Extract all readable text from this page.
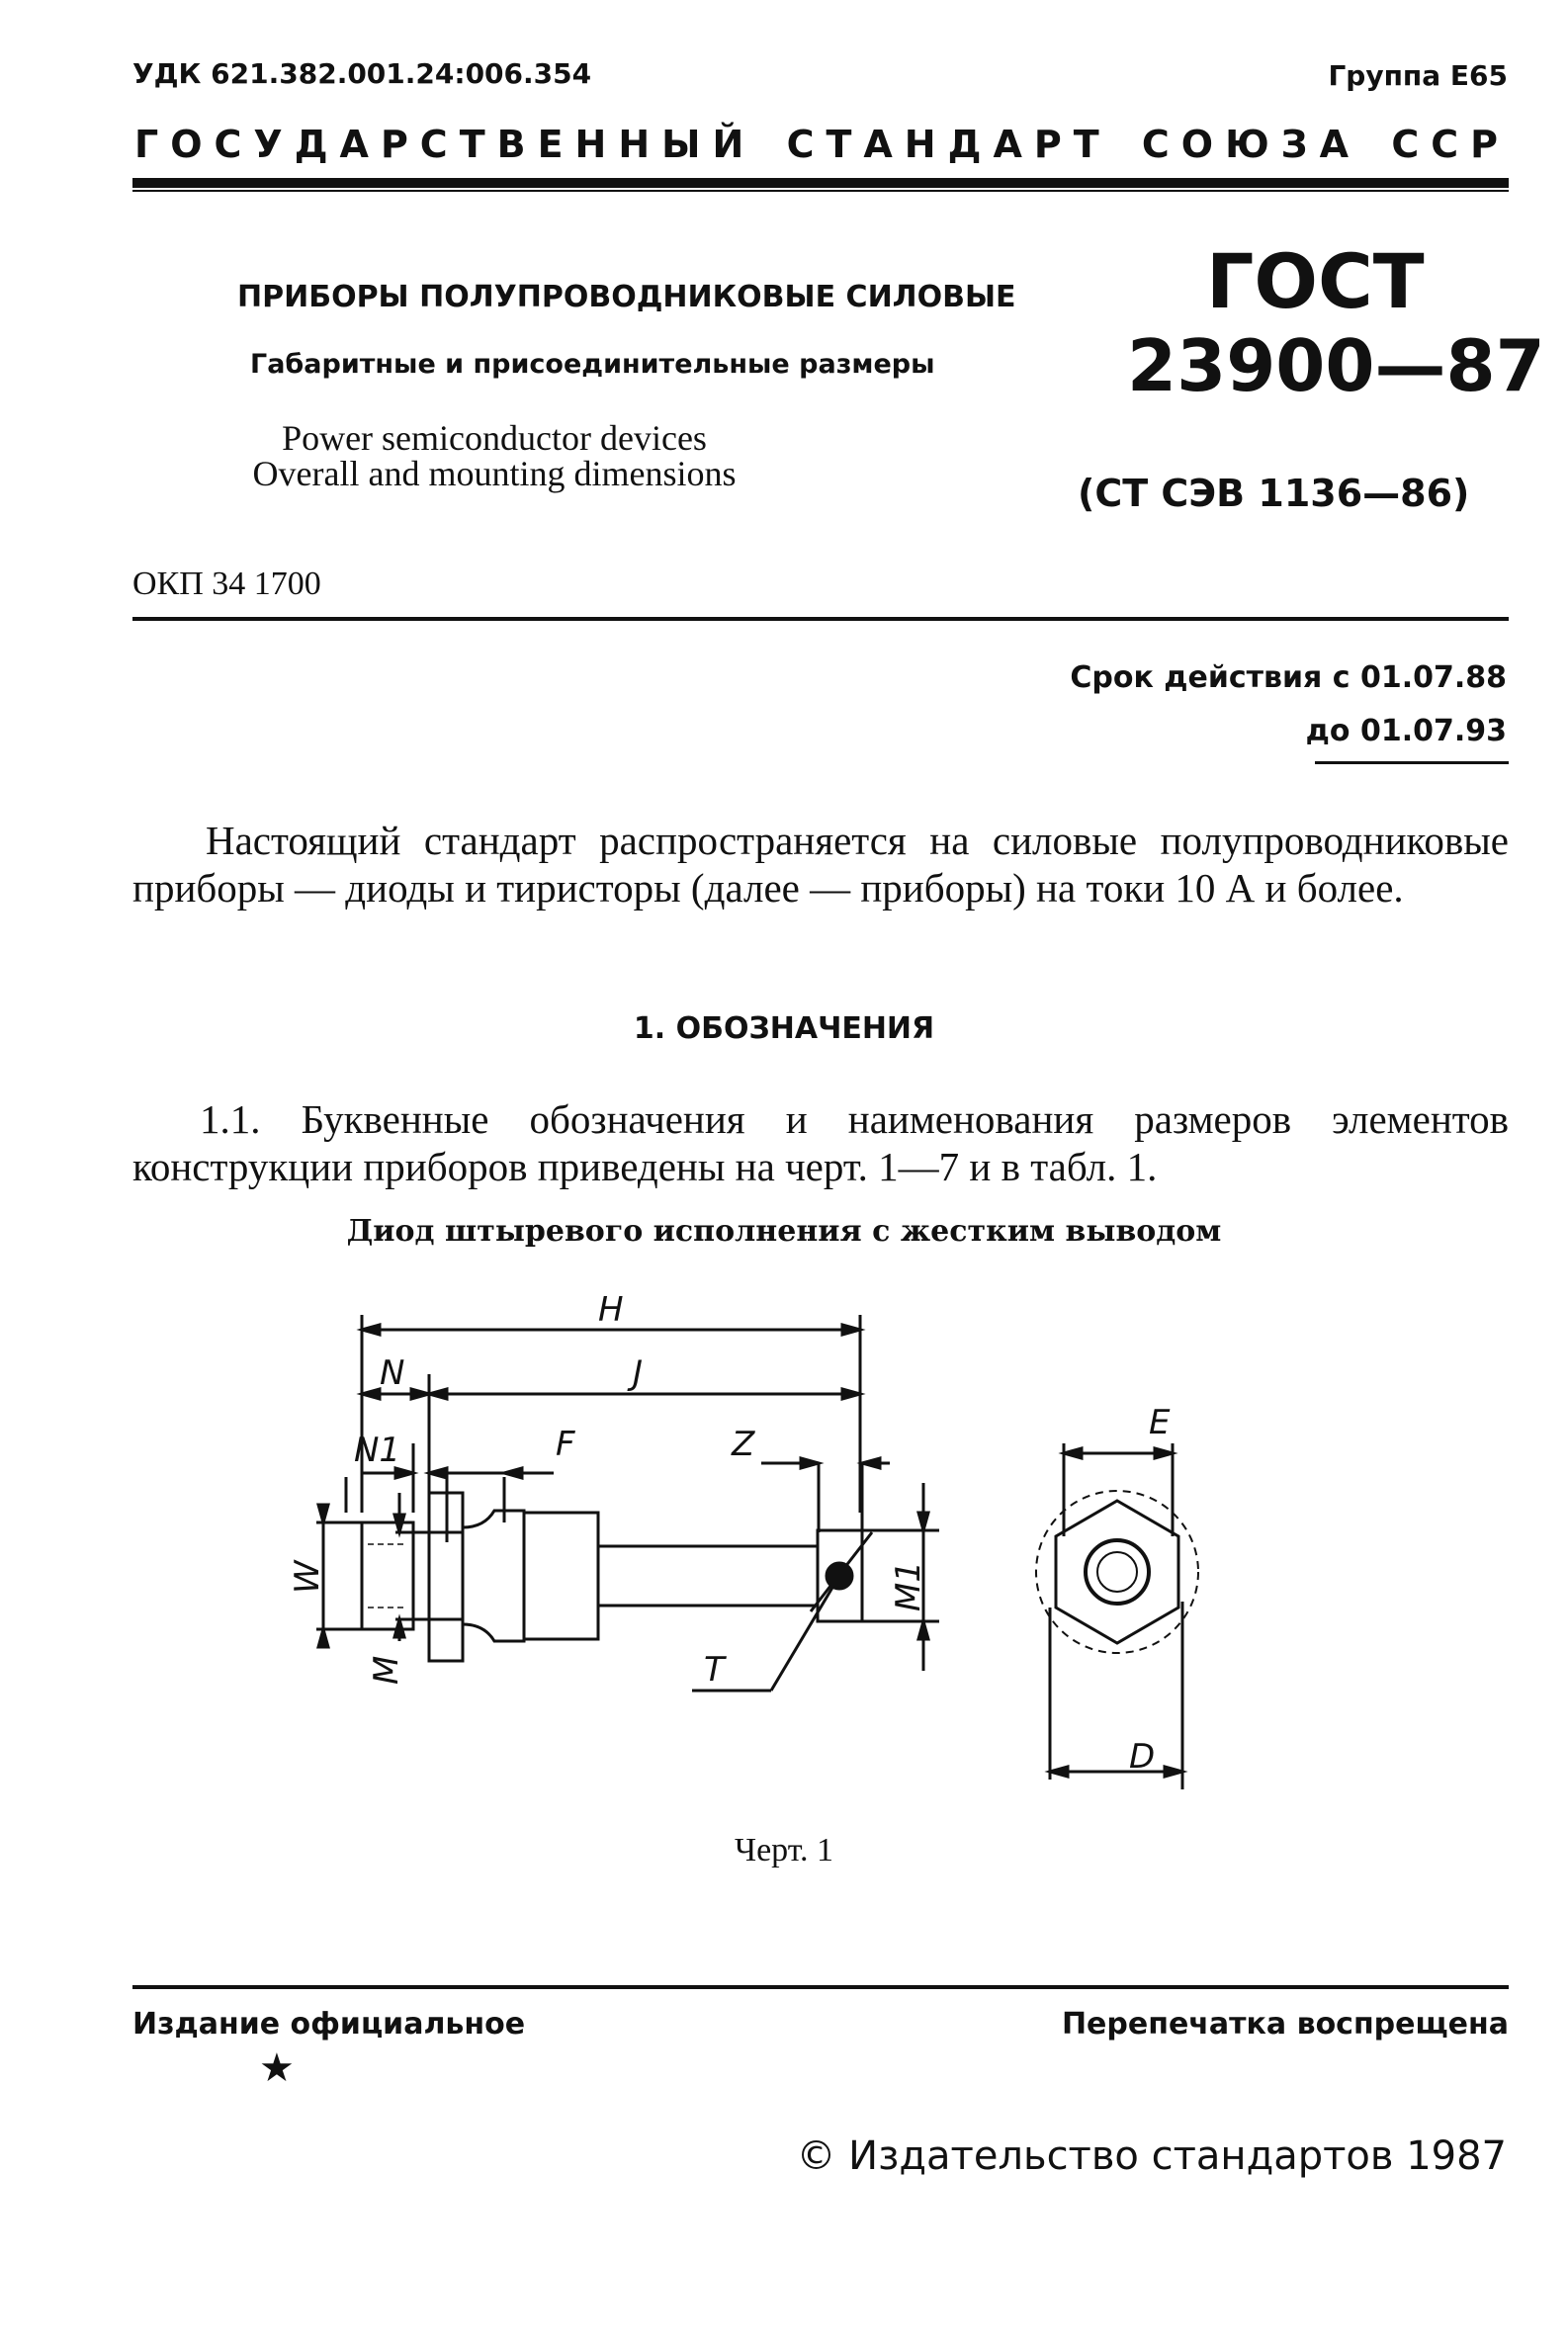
УДК 621.382.001.24:006.354	Группа Е65
ГОСУДАРСТВЕННЫЙ СТАНДАРТ СОЮЗА ССР
ПРИБОРЫ ПОЛУПРОВОДНИКОВЫЕ СИЛОВЫЕ
Габаритные и присоединительные размеры
Power semiconductor devices
Overall and mounting dimensions
ГОСТ
23900—87
(СТ СЭВ 1136—86)
ОКП 34 1700
Срок действия с 01.07.88
до 01.07.93
Настоящий стандарт распространяется на силовые полупроводниковые приборы — диоды и тиристоры (далее — приборы) на токи 10 А и более.
1. ОБОЗНАЧЕНИЯ
1.1. Буквенные обозначения и наименования размеров элементов конструкции приборов приведены на черт. 1—7 и в табл. 1.
Диод штыревого исполнения с жестким выводом
H
N	J
N1	F	Z
W
M
M1
T
E
D
Черт. 1
Издание официальное
★
Перепечатка воспрещена
© Издательство стандартов 1987
